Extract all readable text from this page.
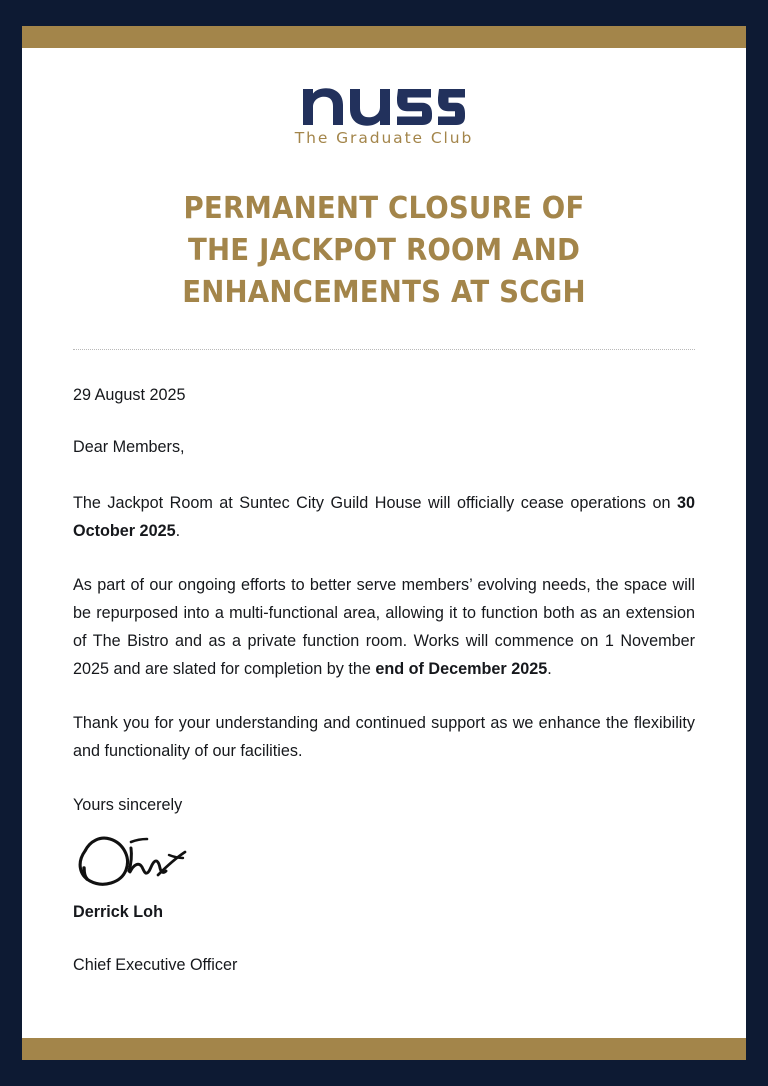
The Graduate Club
PERMANENT CLOSURE OF
THE JACKPOT ROOM AND
ENHANCEMENTS AT SCGH

29 August 2025

Dear Members,

The Jackpot Room at Suntec City Guild House will officially cease operations on 30 October 2025.

As part of our ongoing efforts to better serve members’ evolving needs, the space will be repurposed into a multi-functional area, allowing it to function both as an extension of The Bistro and as a private function room. Works will commence on 1 November 2025 and are slated for completion by the end of December 2025.

Thank you for your understanding and continued support as we enhance the flexibility and functionality of our facilities.

Yours sincerely

Derrick Loh

Chief Executive Officer
